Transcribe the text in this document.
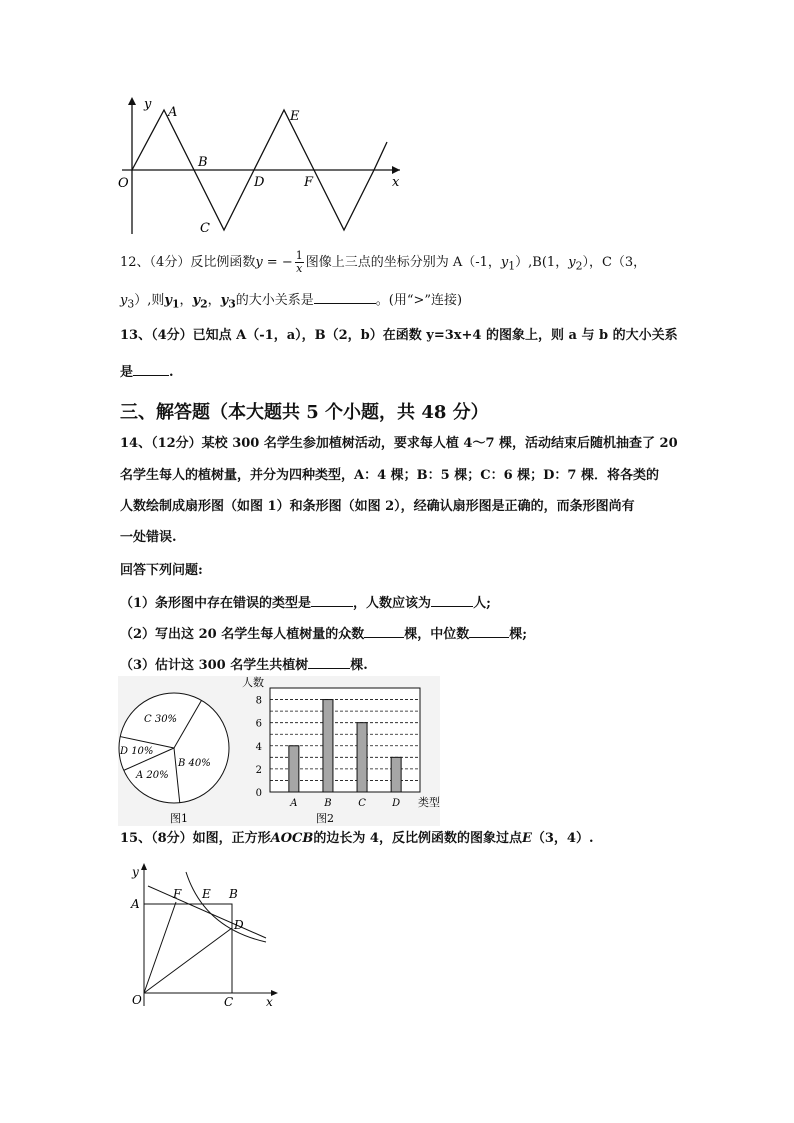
y
A
B
O
C
D
E
F	x
12、（4分）反比例函数y = − $\frac{1}{x}$ 图像上三点的坐标分别为 A（-1，$y_1),B(1$，$y_2$），C（3，
$y_3$）,则$y_1$，$y_2$，$y_3$的大小关系是	。(用“>”连接)
13、（4分）已知点 A（-1，a），B（2，b）在函数 y=3x+4 的图象上，则 a 与 b 的大小关系
是	.
三、解答题（本大题共 5 个小题，共 48 分）
14、（12分）某校 300 名学生参加植树活动，要求每人植 4～7 棵，活动结束后随机抽查了 20
名学生每人的植树量，并分为四种类型，A：4 棵；B：5 棵；C：6 棵；D：7 棵．将各类的
人数绘制成扇形图（如图 1）和条形图（如图 2），经确认扇形图是正确的，而条形图尚有
一处错误.
回答下列问题:
（1）条形图中存在错误的类型是	，人数应该为	人;
（2）写出这 20 名学生每人植树量的众数	棵，中位数	棵;
（3）估计这 300 名学生共植树	棵.
C 30%
B 40%
A 20%
D 10%
图1
0
2
4
6
8
人数
A	B	C	D 类型
图2
15、（8分）如图，正方形AOCB的边长为 4，反比例函数的图象过点E（3，4）.
y
A
F E B
D
O	C	x
